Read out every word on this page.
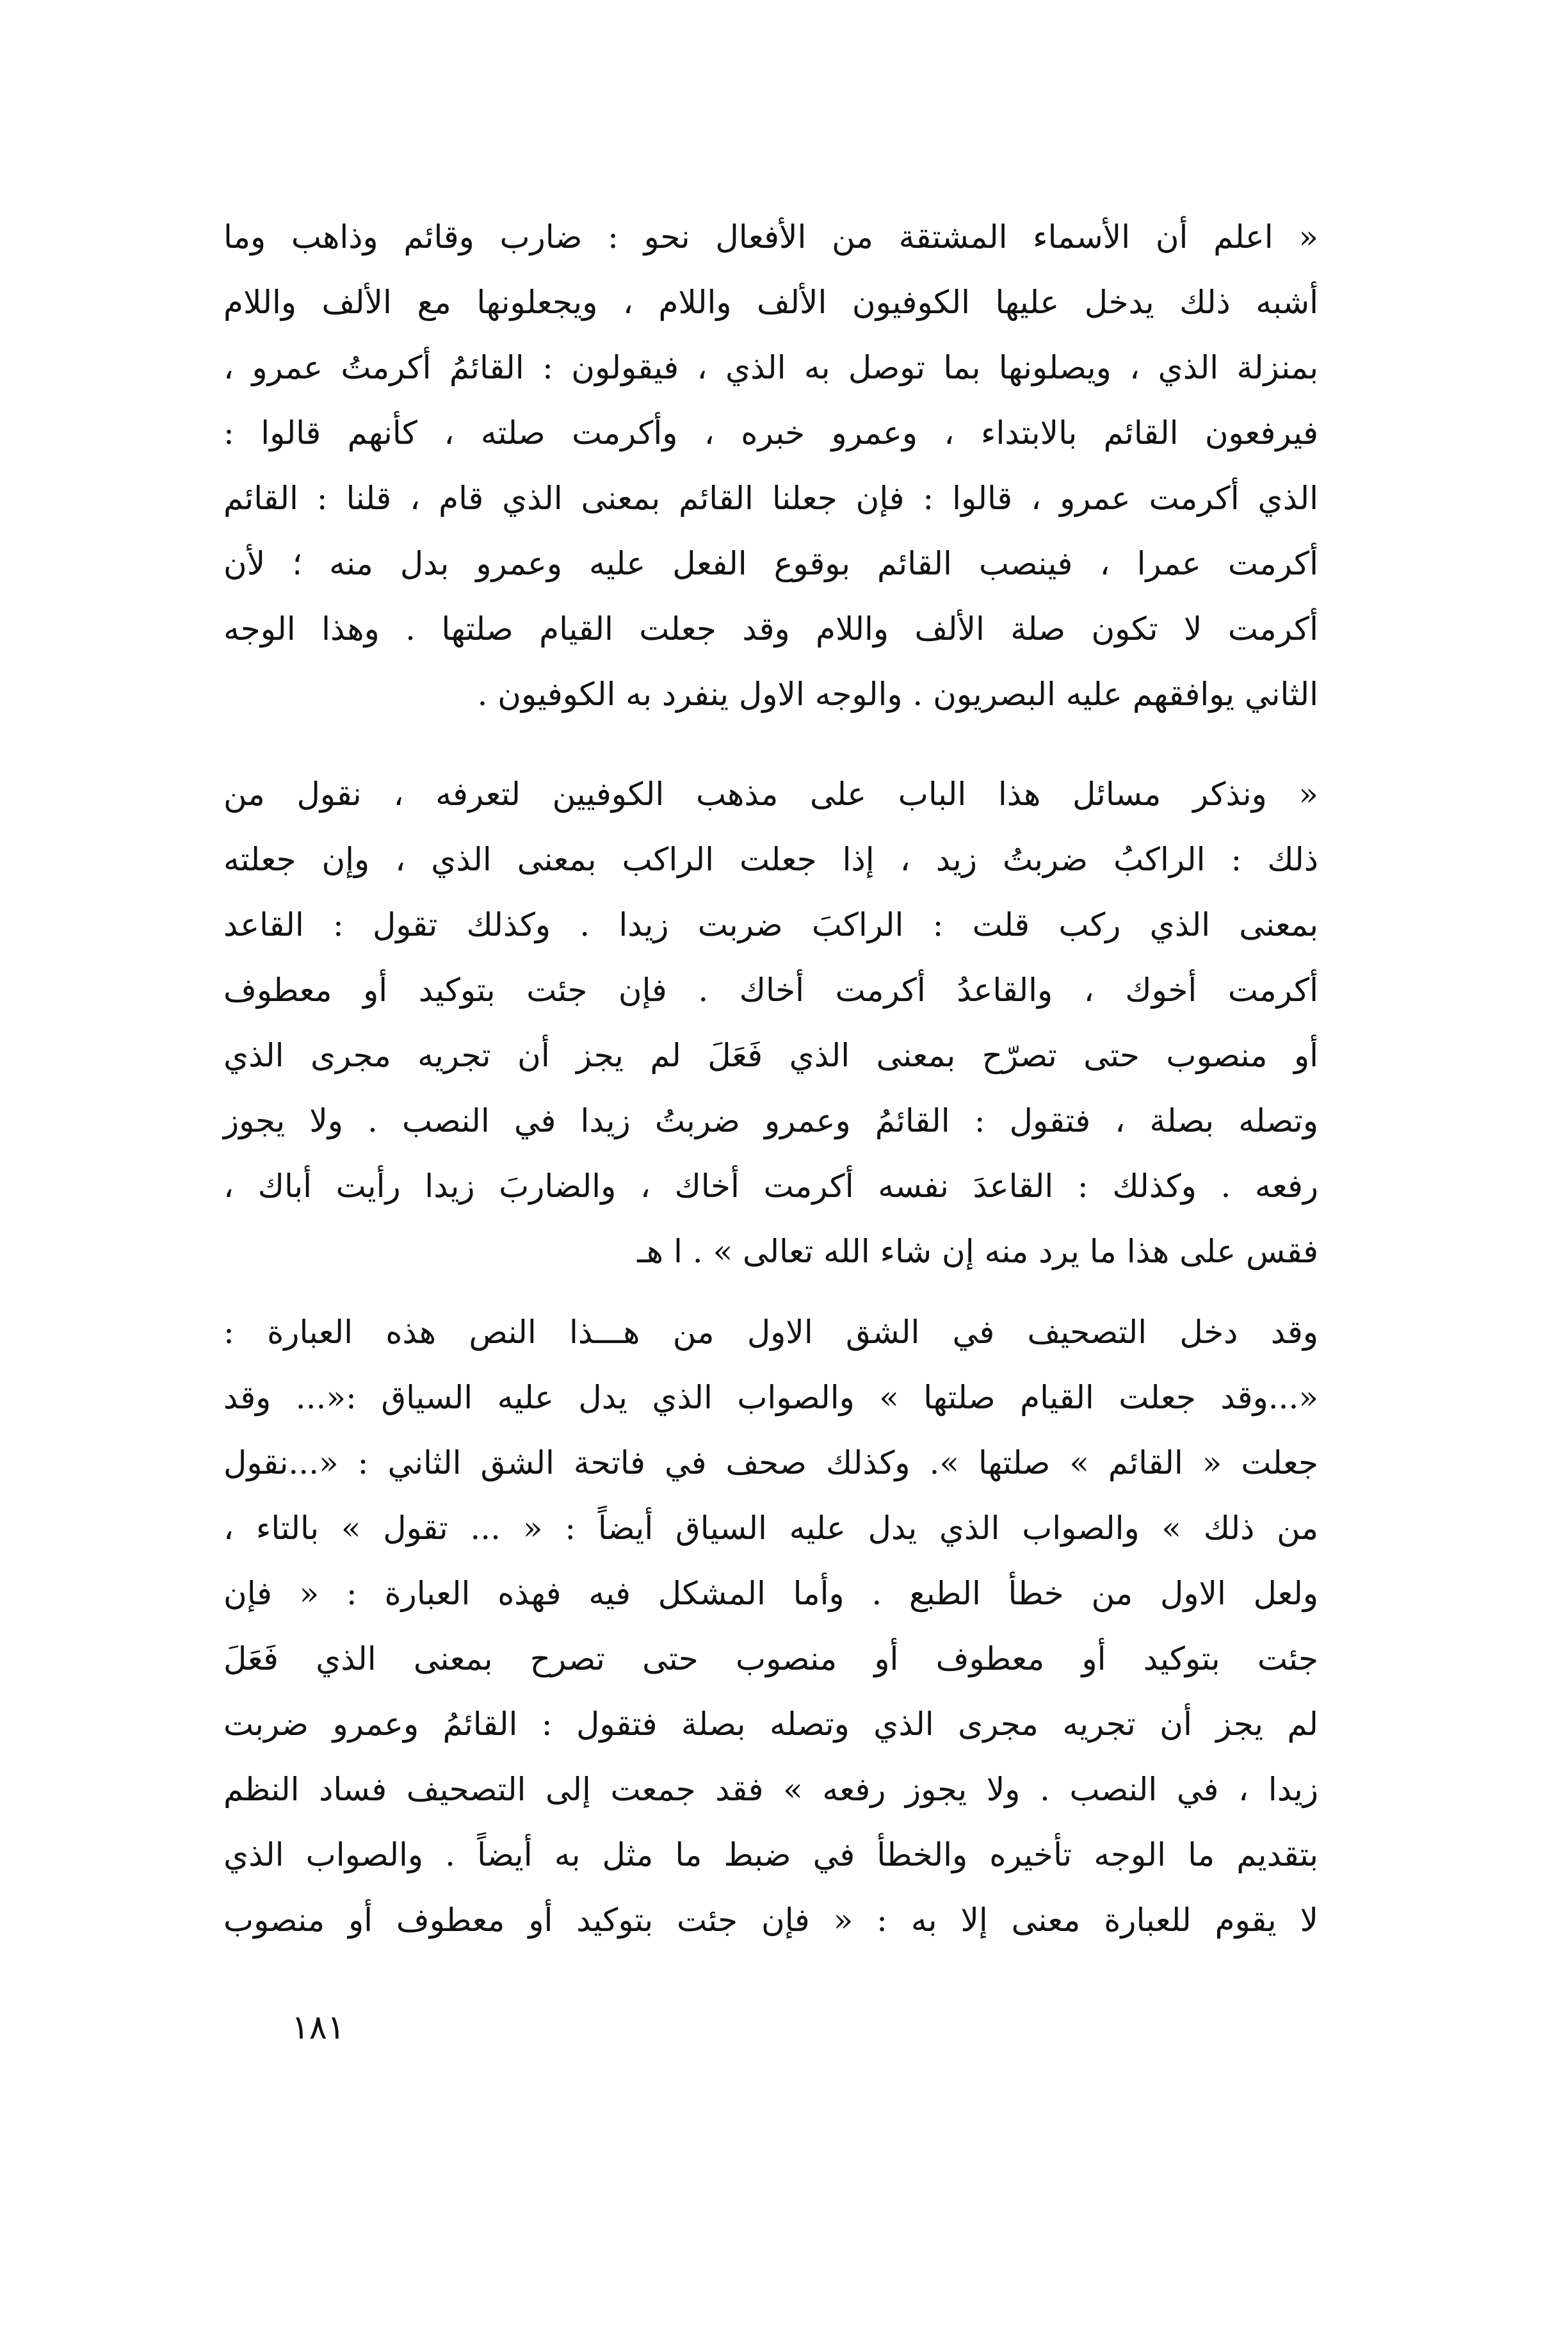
« اعلم أن الأسماء المشتقة من الأفعال نحو : ضارب وقائم وذاهب وما
أشبه ذلك يدخل عليها الكوفيون الألف واللام ، ويجعلونها مع الألف واللام
بمنزلة الذي ، ويصلونها بما توصل به الذي ، فيقولون : القائمُ أكرمتُ عمرو ،
فيرفعون القائم بالابتداء ، وعمرو خبره ، وأكرمت صلته ، كأنهم قالوا :
الذي أكرمت عمرو ، قالوا : فإن جعلنا القائم بمعنى الذي قام ، قلنا : القائم
أكرمت عمرا ، فينصب القائم بوقوع الفعل عليه وعمرو بدل منه ؛ لأن
أكرمت لا تكون صلة الألف واللام وقد جعلت القيام صلتها . وهذا الوجه
الثاني يوافقهم عليه البصريون . والوجه الاول ينفرد به الكوفيون .
« ونذكر مسائل هذا الباب على مذهب الكوفيين لتعرفه ، نقول من
ذلك : الراكبُ ضربتُ زيد ، إذا جعلت الراكب بمعنى الذي ، وإن جعلته
بمعنى الذي ركب قلت : الراكبَ ضربت زيدا . وكذلك تقول : القاعد
أكرمت أخوك ، والقاعدُ أكرمت أخاك . فإن جئت بتوكيد أو معطوف
أو منصوب حتى تصرّح بمعنى الذي فَعَلَ لم يجز أن تجريه مجرى الذي
وتصله بصلة ، فتقول : القائمُ وعمرو ضربتُ زيدا في النصب . ولا يجوز
رفعه . وكذلك : القاعدَ نفسه أكرمت أخاك ، والضاربَ زيدا رأيت أباك ،
فقس على هذا ما يرد منه إن شاء الله تعالى » . ا هـ
وقد دخل التصحيف في الشق الاول من هـــذا النص هذه العبارة :
«...وقد جعلت القيام صلتها » والصواب الذي يدل عليه السياق :«... وقد
جعلت « القائم » صلتها ». وكذلك صحف في فاتحة الشق الثاني : «...نقول
من ذلك » والصواب الذي يدل عليه السياق أيضاً : « ... تقول » بالتاء ،
ولعل الاول من خطأ الطبع . وأما المشكل فيه فهذه العبارة : « فإن
جئت بتوكيد أو معطوف أو منصوب حتى تصرح بمعنى الذي فَعَلَ
لم يجز أن تجريه مجرى الذي وتصله بصلة فتقول : القائمُ وعمرو ضربت
زيدا ، في النصب . ولا يجوز رفعه » فقد جمعت إلى التصحيف فساد النظم
بتقديم ما الوجه تأخيره والخطأ في ضبط ما مثل به أيضاً . والصواب الذي
لا يقوم للعبارة معنى إلا به : « فإن جئت بتوكيد أو معطوف أو منصوب
١٨١
